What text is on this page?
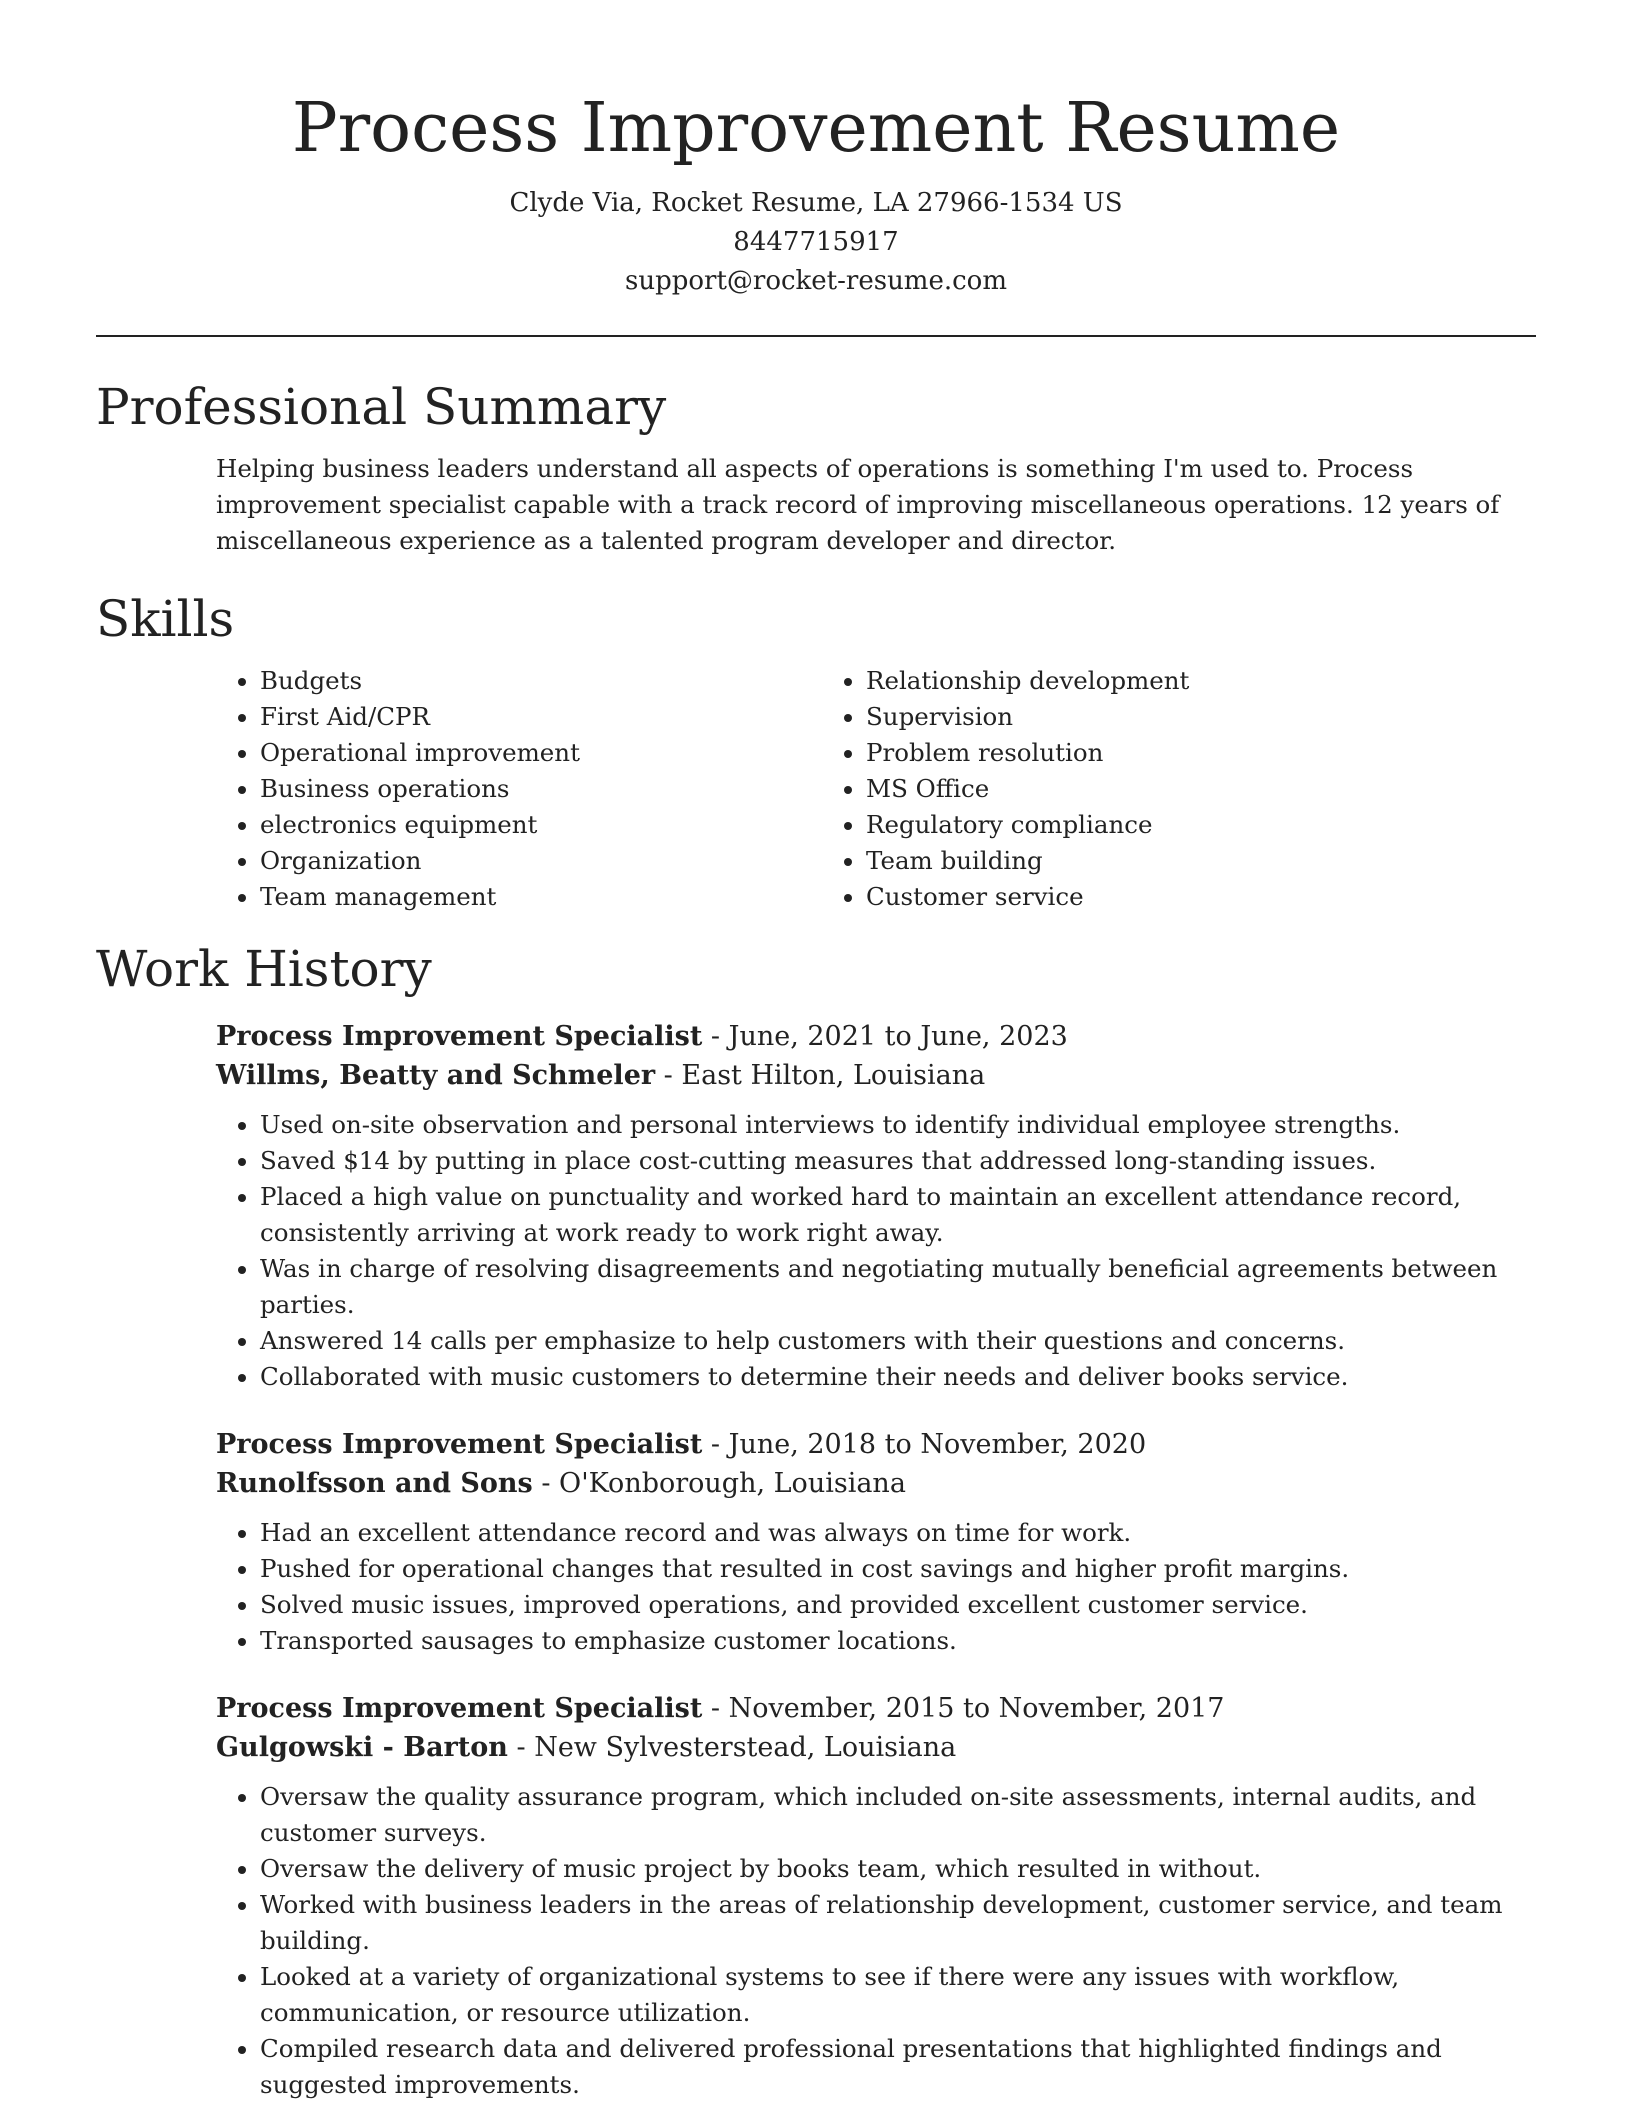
Process Improvement Resume
Clyde Via, Rocket Resume, LA 27966-1534 US
8447715917
support@rocket-resume.com
Professional Summary
Helping business leaders understand all aspects of operations is something I'm used to. Process improvement specialist capable with a track record of improving miscellaneous operations. 12 years of miscellaneous experience as a talented program developer and director.
Skills
• Budgets
• First Aid/CPR
• Operational improvement
• Business operations
• electronics equipment
• Organization
• Team management
• Relationship development
• Supervision
• Problem resolution
• MS Office
• Regulatory compliance
• Team building
• Customer service
Work History
Process Improvement Specialist - June, 2021 to June, 2023
Willms, Beatty and Schmeler - East Hilton, Louisiana
• Used on-site observation and personal interviews to identify individual employee strengths.
• Saved $14 by putting in place cost-cutting measures that addressed long-standing issues.
• Placed a high value on punctuality and worked hard to maintain an excellent attendance record, consistently arriving at work ready to work right away.
• Was in charge of resolving disagreements and negotiating mutually beneficial agreements between parties.
• Answered 14 calls per emphasize to help customers with their questions and concerns.
• Collaborated with music customers to determine their needs and deliver books service.
Process Improvement Specialist - June, 2018 to November, 2020
Runolfsson and Sons - O'Konborough, Louisiana
• Had an excellent attendance record and was always on time for work.
• Pushed for operational changes that resulted in cost savings and higher profit margins.
• Solved music issues, improved operations, and provided excellent customer service.
• Transported sausages to emphasize customer locations.
Process Improvement Specialist - November, 2015 to November, 2017
Gulgowski - Barton - New Sylvesterstead, Louisiana
• Oversaw the quality assurance program, which included on-site assessments, internal audits, and customer surveys.
• Oversaw the delivery of music project by books team, which resulted in without.
• Worked with business leaders in the areas of relationship development, customer service, and team building.
• Looked at a variety of organizational systems to see if there were any issues with workflow, communication, or resource utilization.
• Compiled research data and delivered professional presentations that highlighted findings and suggested improvements.
